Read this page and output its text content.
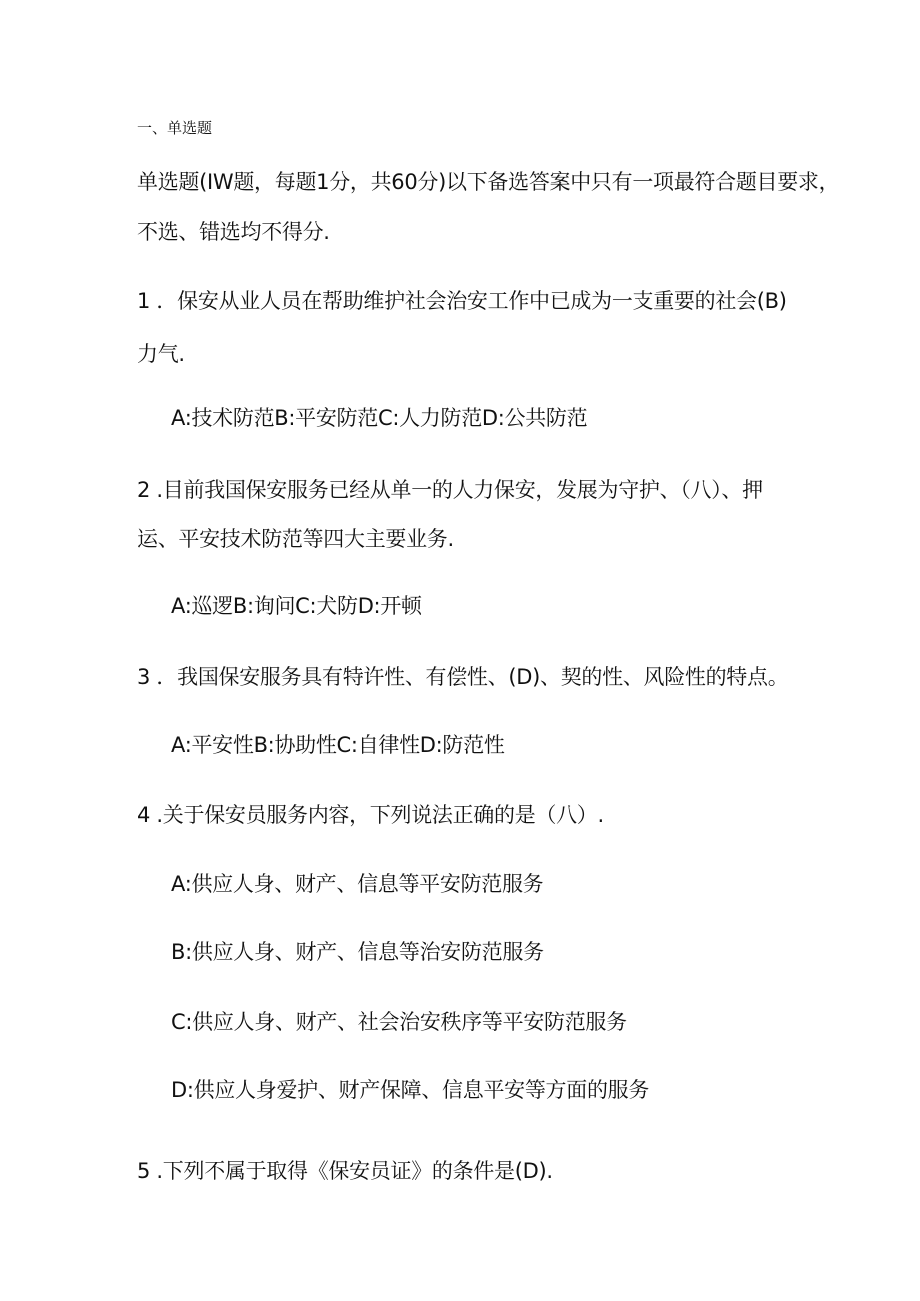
一、单选题
单选题(IW题，每题1分，共60分)以下备选答案中只有一项最符合题目要求，
不选、错选均不得分.
1 ．保安从业人员在帮助维护社会治安工作中已成为一支重要的社会(B)
力气.
A:技术防范B:平安防范C:人力防范D:公共防范
2 .目前我国保安服务已经从单一的人力保安，发展为守护、（八）、押
运、平安技术防范等四大主要业务.
A:巡逻B:询问C:犬防D:开顿
3 ．我国保安服务具有特许性、有偿性、(D)、契的性、风险性的特点。
A:平安性B:协助性C:自律性D:防范性
4 .关于保安员服务内容，下列说法正确的是（八）.
A:供应人身、财产、信息等平安防范服务
B:供应人身、财产、信息等治安防范服务
C:供应人身、财产、社会治安秩序等平安防范服务
D:供应人身爱护、财产保障、信息平安等方面的服务
5 .下列不属于取得《保安员证》的条件是(D).
